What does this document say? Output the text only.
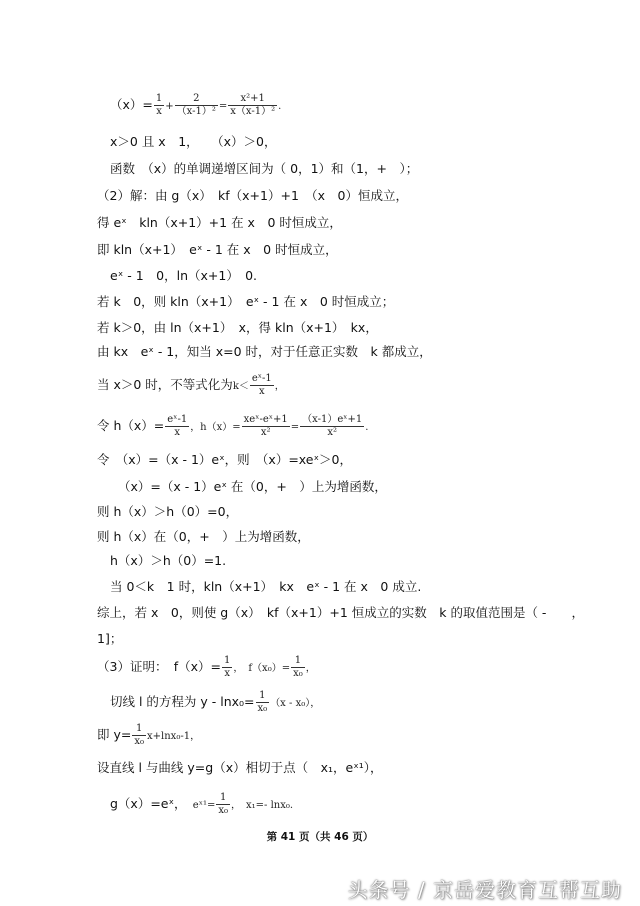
$(x)= \frac{1}{x} + \frac{2}{\text{（x-1）²}} = \frac{\text{x²+1}}{\text{x（x-1）²}}$ .
x＞0 且 x　1，　　（x）＞0，
函数　（x）的单调递增区间为（ 0，1）和（1，+　）；
（2）解：由 g（x）　kf（x+1）+1　（x　0）恒成立，
得 eˣ　kln（x+1）+1 在 x　0 时恒成立，
即 kln（x+1）　eˣ - 1 在 x　0 时恒成立，
eˣ - 1　0，ln（x+1）　0.
若 k　0，则 kln（x+1）　eˣ - 1 在 x　0 时恒成立；
若 k＞0，由 ln（x+1）　x，得 kln（x+1）　kx，
由 kx　eˣ - 1，知当 x=0 时，对于任意正实数　k 都成立，
当 x＞0 时，不等式化为$k< \frac{\text{eˣ-1}}{x}$ ，
令 $h(x)= \frac{\text{eˣ-1}}{x}$ ，$h(x)= \frac{\text{xeˣ-eˣ+1}}{\text{x²}} = \frac{\text{（x-1）eˣ+1}}{\text{x²}}$ .
令　（x）=（x - 1）eˣ，则　（x）=xeˣ＞0，
（x）=（x - 1）eˣ 在（0，+　）上为增函数，
则 h（x）＞h（0）=0，
则 h（x）在（0，+　）上为增函数，
h（x）＞h（0）=1.
当 0＜k　1 时，kln（x+1）　kx　eˣ - 1 在 x　0 成立.
综上，若 x　0，则使 g（x）　kf（x+1）+1 恒成立的实数　k 的取值范围是（ -　　，
1]；
（3）证明：　$f(x)= \frac{1}{x}$ ，　$f(x_0)= \frac{1}{\text{x₀}}$ ，
切线 l 的方程为 $y - \ln x_0= \frac{1}{\text{x₀}} (x - x_0)$，
即 $y= \frac{1}{\text{x₀}} x+\ln x_0-1$，
设直线 l 与曲线 y=g（x）相切于点（　x₁，eˣ¹），
g（x）=eˣ，　eˣ¹= $\frac{1}{\text{x₀}}$ ，　x₁=- lnx₀.
第 41 页（共 46 页）
头条号 / 京岳爱教育互帮互助
